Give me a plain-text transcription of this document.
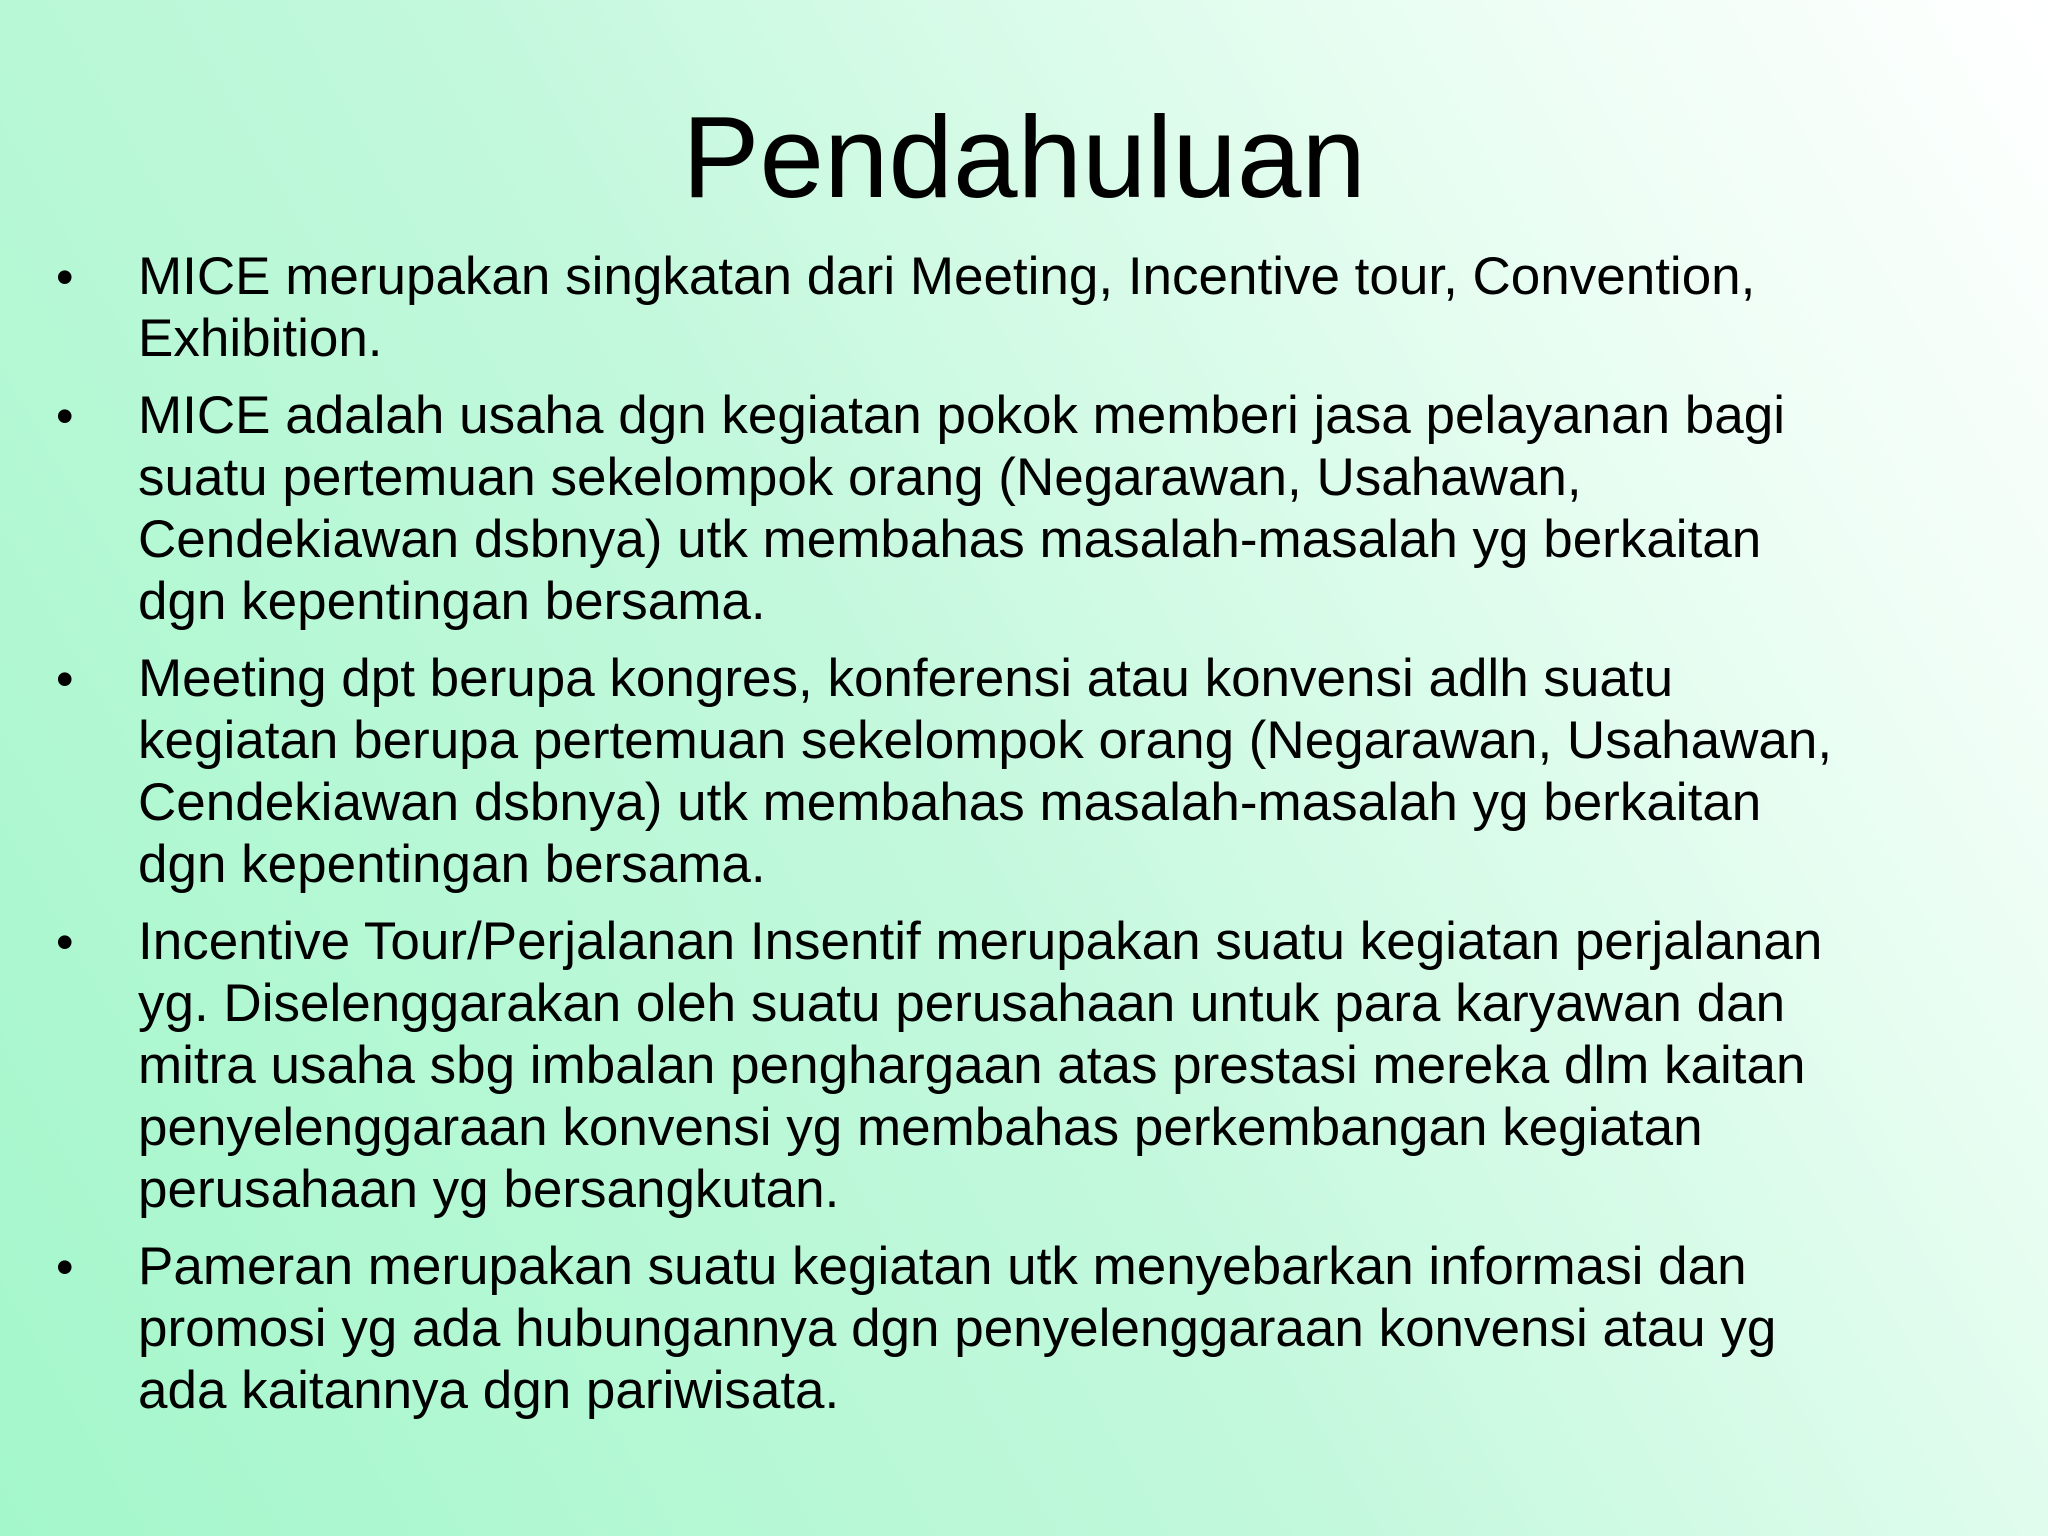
Pendahuluan
•	MICE merupakan singkatan dari Meeting, Incentive tour, Convention, Exhibition.
•	MICE adalah usaha dgn kegiatan pokok memberi jasa pelayanan bagi suatu pertemuan sekelompok orang (Negarawan, Usahawan, Cendekiawan dsbnya) utk membahas masalah-masalah yg berkaitan dgn kepentingan bersama.
•	Meeting dpt berupa kongres, konferensi atau konvensi adlh suatu kegiatan berupa pertemuan sekelompok orang (Negarawan, Usahawan, Cendekiawan dsbnya) utk membahas masalah-masalah yg berkaitan dgn kepentingan bersama.
•	Incentive Tour/Perjalanan Insentif merupakan suatu kegiatan perjalanan yg. Diselenggarakan oleh suatu perusahaan untuk para karyawan dan mitra usaha sbg imbalan penghargaan atas prestasi mereka dlm kaitan penyelenggaraan konvensi yg membahas perkembangan kegiatan perusahaan yg bersangkutan.
•	Pameran merupakan suatu kegiatan utk menyebarkan informasi dan promosi yg ada hubungannya dgn penyelenggaraan konvensi atau yg ada kaitannya dgn pariwisata.
